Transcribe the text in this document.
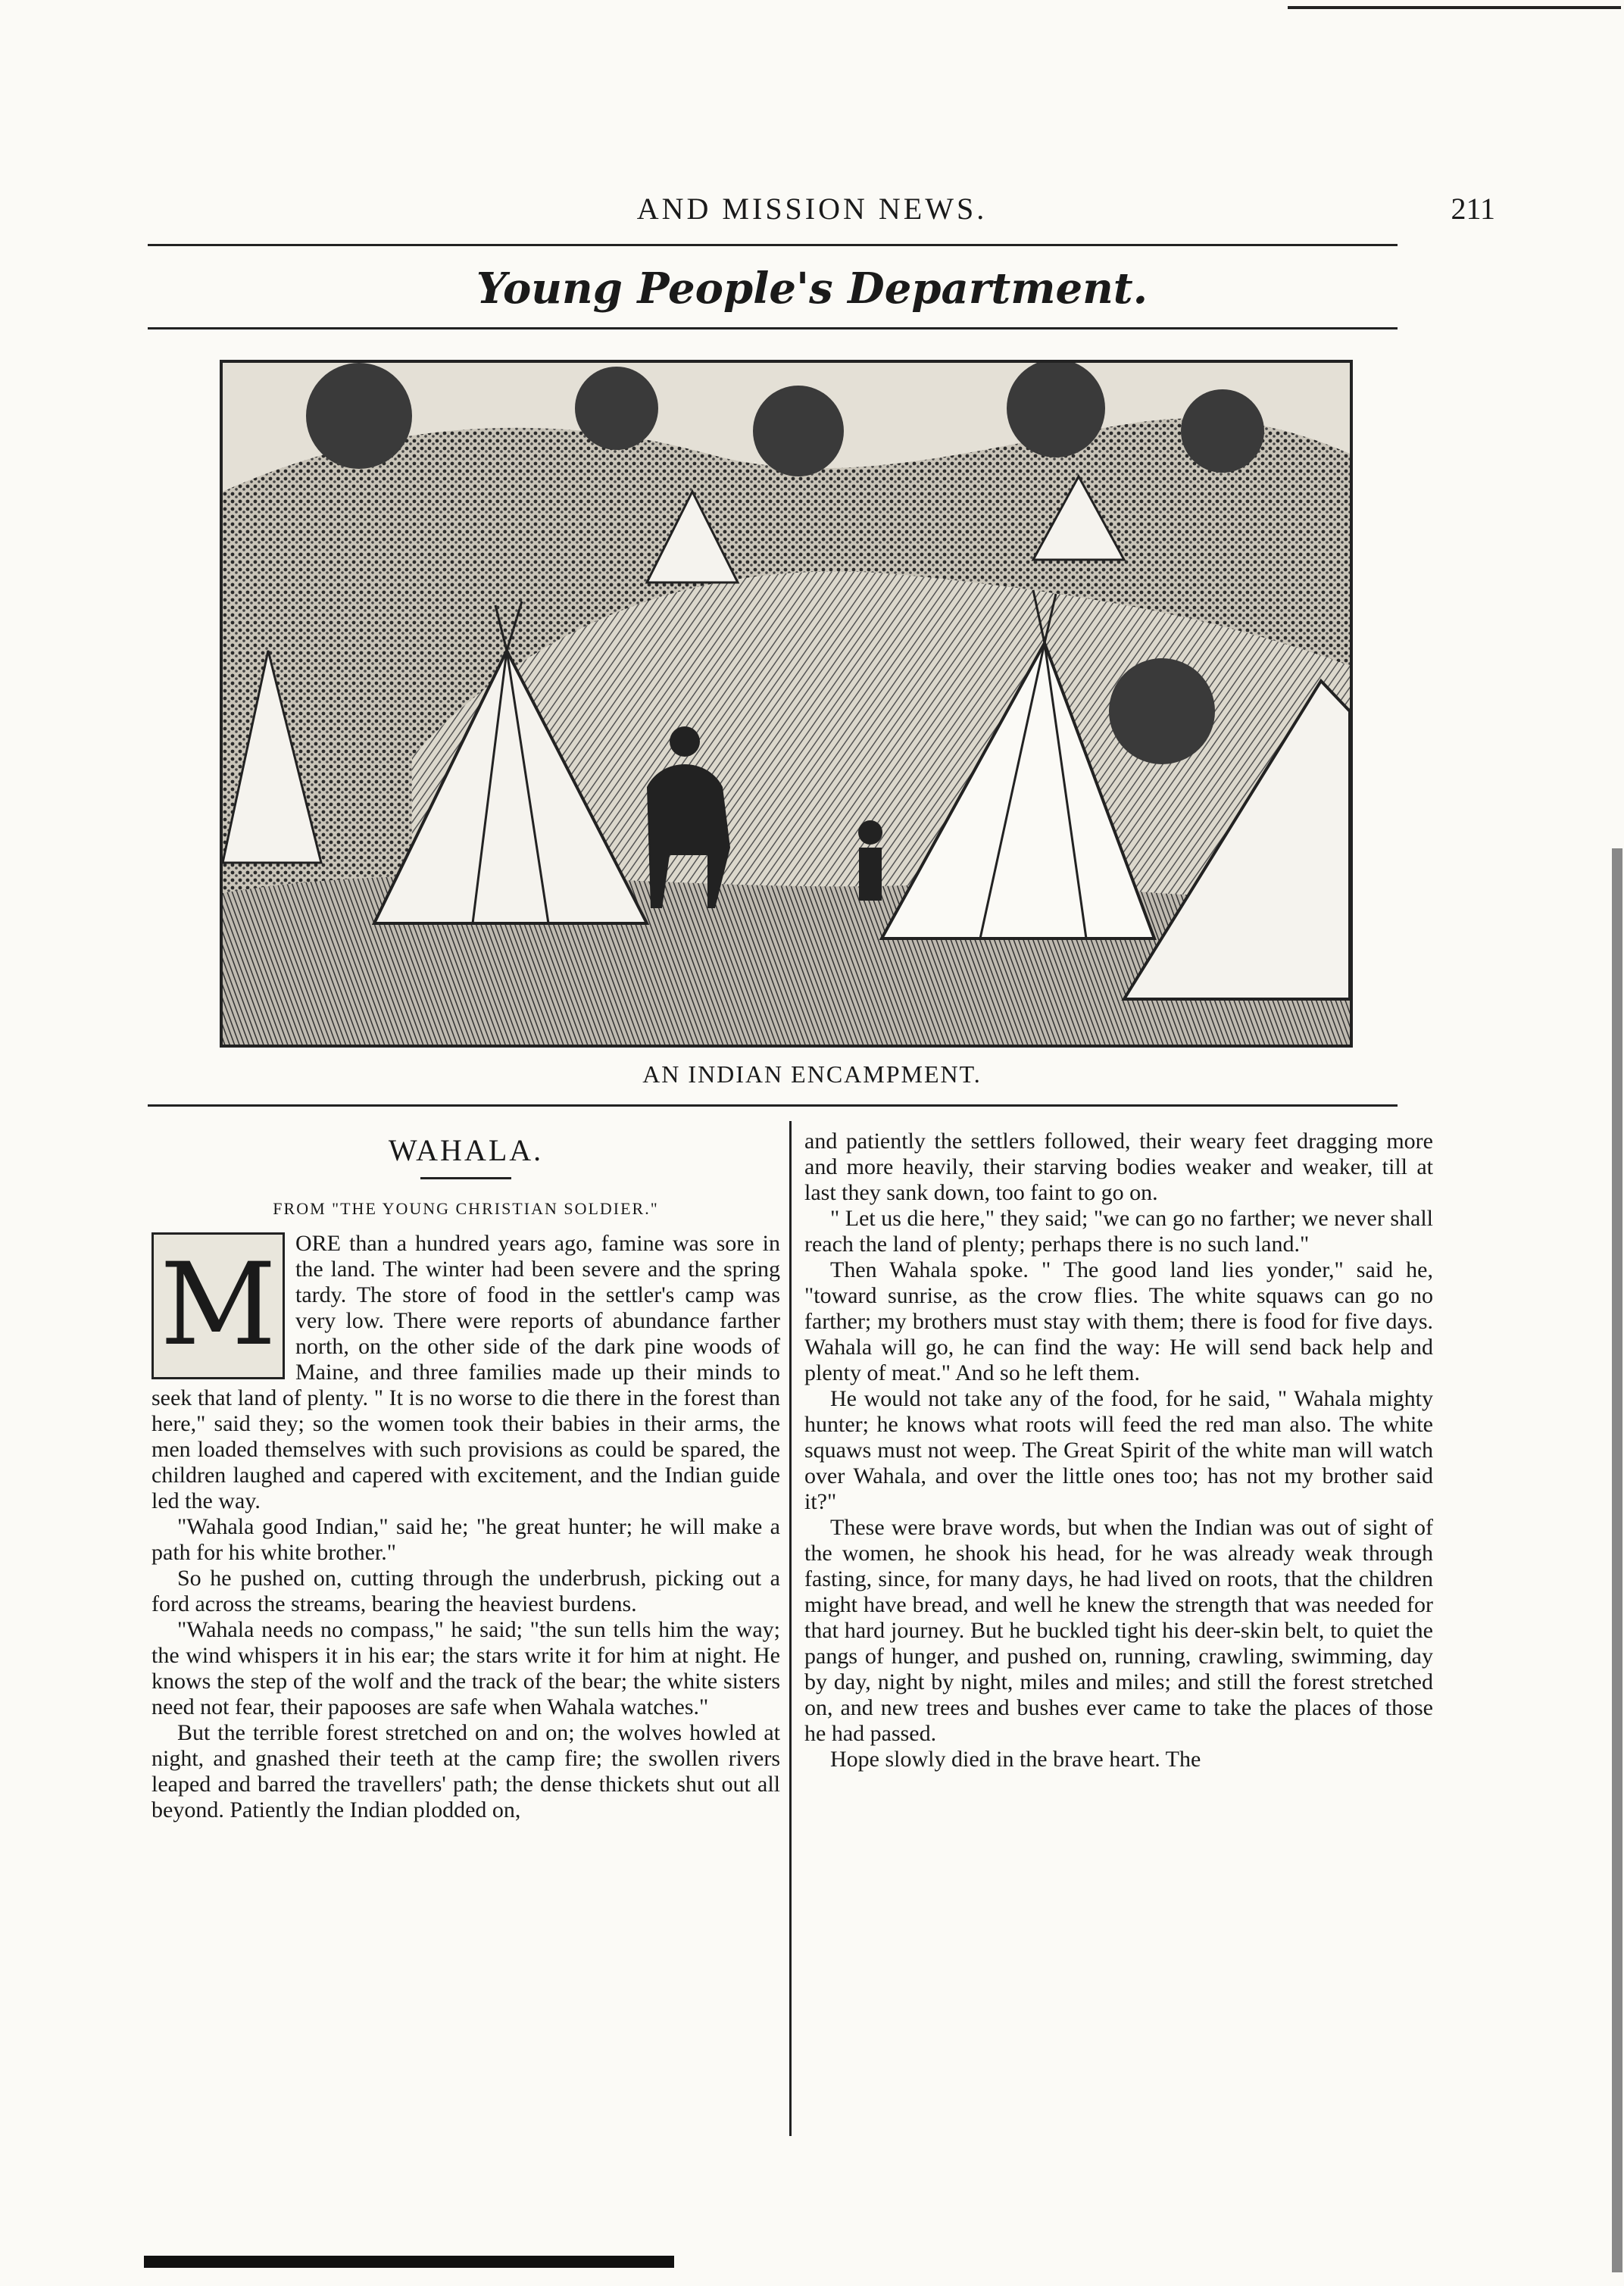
AND MISSION NEWS.	211
Young People's Department.
AN INDIAN ENCAMPMENT.
WAHALA.
FROM "THE YOUNG CHRISTIAN SOLDIER."
M ORE than a hundred years ago, famine was sore in the land. The winter had been severe and the spring tardy. The store of food in the settler's camp was very low. There were reports of abundance farther north, on the other side of the dark pine woods of Maine, and three families made up their minds to seek that land of plenty. " It is no worse to die there in the forest than here," said they; so the women took their babies in their arms, the men loaded themselves with such provisions as could be spared, the children laughed and capered with excitement, and the Indian guide led the way.

"Wahala good Indian," said he; "he great hunter; he will make a path for his white brother."

So he pushed on, cutting through the underbrush, picking out a ford across the streams, bearing the heaviest burdens.

"Wahala needs no compass," he said; "the sun tells him the way; the wind whispers it in his ear; the stars write it for him at night. He knows the step of the wolf and the track of the bear; the white sisters need not fear, their papooses are safe when Wahala watches."

But the terrible forest stretched on and on; the wolves howled at night, and gnashed their teeth at the camp fire; the swollen rivers leaped and barred the travellers' path; the dense thickets shut out all beyond. Patiently the Indian plodded on,

and patiently the settlers followed, their weary feet dragging more and more heavily, their starving bodies weaker and weaker, till at last they sank down, too faint to go on.

" Let us die here," they said; "we can go no farther; we never shall reach the land of plenty; perhaps there is no such land."

Then Wahala spoke. " The good land lies yonder," said he, "toward sunrise, as the crow flies. The white squaws can go no farther; my brothers must stay with them; there is food for five days. Wahala will go, he can find the way: He will send back help and plenty of meat." And so he left them.

He would not take any of the food, for he said, " Wahala mighty hunter; he knows what roots will feed the red man also. The white squaws must not weep. The Great Spirit of the white man will watch over Wahala, and over the little ones too; has not my brother said it?"

These were brave words, but when the Indian was out of sight of the women, he shook his head, for he was already weak through fasting, since, for many days, he had lived on roots, that the children might have bread, and well he knew the strength that was needed for that hard journey. But he buckled tight his deer-skin belt, to quiet the pangs of hunger, and pushed on, running, crawling, swimming, day by day, night by night, miles and miles; and still the forest stretched on, and new trees and bushes ever came to take the places of those he had passed.

Hope slowly died in the brave heart. The
